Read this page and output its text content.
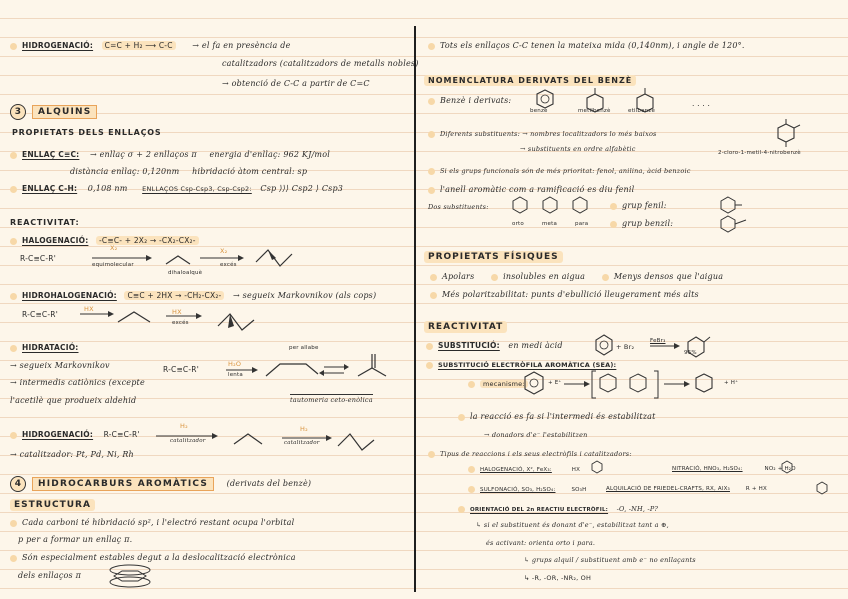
HIDROGENACIÓ: C=C + H₂ ⟶ C-C → el fa en presència de
catalitzadors (catalitzadors de metalls nobles)
→ obtenció de C-C a partir de C=C
3 ALQUINS
PROPIETATS DELS ENLLAÇOS
ENLLAÇ C≡C: → enllaç σ + 2 enllaços π energia d'enllaç: 962 KJ/mol
distància enllaç: 0,120nm hibridació àtom central: sp
ENLLAÇ C-H: 0,108 nm ENLLAÇOS Csp-Csp3, Csp-Csp2: Csp ⟩⟩⟩ Csp2 ⟩ Csp3
REACTIVITAT:
HALOGENACIÓ: -C≡C- + 2X₂ → -CX₂-CX₂-
R-C≡C-R'
X₂
equimolecular
dihaloalquè
X₂
excés
HIDROHALOGENACIÓ: C≡C + 2HX → -CH₂-CX₂- → segueix Markovnikov (als cops)
R-C≡C-R'
HX	HX
excés
HIDRATACIÓ:
→ segueix Markovnikov
→ intermedis catiònics (excepte
l'acetilè que produeix aldehid
R-C≡C-R'
H₂O
lenta
per allabe
tautomeria ceto-enòlica
HIDROGENACIÓ: R-C≡C-R'
H₂
catalitzador
H₂
catalitzador
→ catalitzador: Pt, Pd, Ni, Rh
4 HIDROCARBURS AROMÀTICS (derivats del benzè)
ESTRUCTURA
Cada carboni té hibridació sp², i l'electró restant ocupa l'orbital
p per a formar un enllaç π.
Són especialment estables degut a la deslocalització electrònica
dels enllaços π
Tots els enllaços C-C tenen la mateixa mida (0,140nm), i angle de 120°.
NOMENCLATURA DERIVATS DEL BENZÈ
Benzè i derivats:
benzè	metilbenzè	etilbenzè
. . . .
Diferents substituents: → nombres localitzadors lo més baixos
→ substituents en ordre alfabètic	2-cloro-1-metil-4-nitrobenzè
Si els grups funcionals són de més prioritat: fenol, anilina, àcid benzoic
l'anell aromàtic com a ramificació es diu fenil
Dos substituents:
orto	meta	para
grup fenil:
grup benzil:
PROPIETATS FÍSIQUES
Apolars	insolubles en aigua	Menys densos que l'aigua
Més polaritzabilitat: punts d'ebullició lleugerament més alts
REACTIVITAT
SUBSTITUCIÓ: en medi àcid	+ Br₂
FeBr₃
95%
SUBSTITUCIÓ ELECTRÒFILA AROMÀTICA (SEA):
mecanisme:	+ E⁺	+ H⁺
la reacció es fa si l'intermedi és estabilitzat
→ donadors d'e⁻ l'estabilitzen
Tipus de reaccions i els seus electròfils i catalitzadors:
HALOGENACIÓ, X², FeX₃:	HX	NITRACIÓ, HNO₃, H₂SO₄:	NO₂ + H₂O
SULFONACIÓ, SO₃, H₂SO₄:	SO₃H	ALQUILACIÓ DE FRIEDEL-CRAFTS, RX, AlX₃	R + HX
ORIENTACIÓ DEL 2n REACTIU ELECTRÒFIL: -O, -NH, -P?
↳ si el substituent és donant d'e⁻, estabilitzat tant a ⊕,
és activant: orienta orto i para.
↳ grups alquil / substituent amb e⁻ no enllaçants
↳ -R, -OR, -NR₂, OH
